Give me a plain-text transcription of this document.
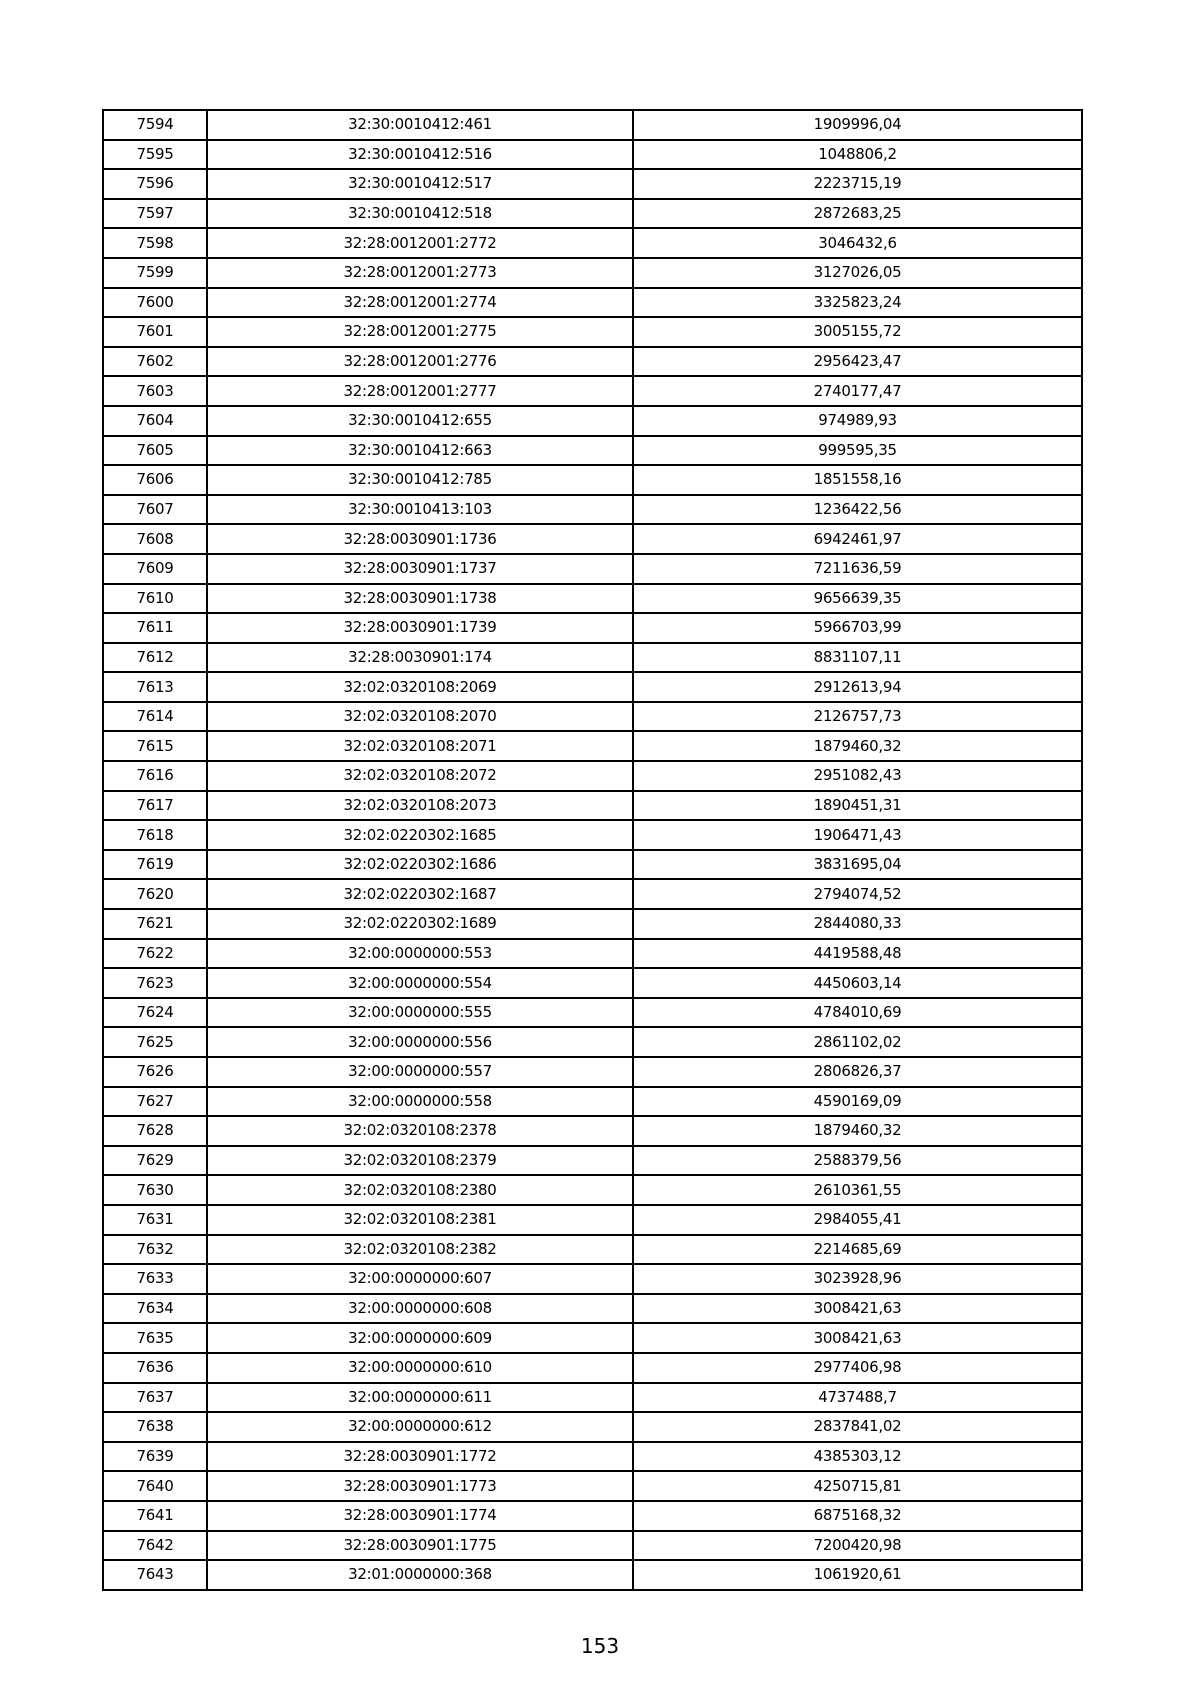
7594	32:30:0010412:461	1909996,04
7595	32:30:0010412:516	1048806,2
7596	32:30:0010412:517	2223715,19
7597	32:30:0010412:518	2872683,25
7598	32:28:0012001:2772	3046432,6
7599	32:28:0012001:2773	3127026,05
7600	32:28:0012001:2774	3325823,24
7601	32:28:0012001:2775	3005155,72
7602	32:28:0012001:2776	2956423,47
7603	32:28:0012001:2777	2740177,47
7604	32:30:0010412:655	974989,93
7605	32:30:0010412:663	999595,35
7606	32:30:0010412:785	1851558,16
7607	32:30:0010413:103	1236422,56
7608	32:28:0030901:1736	6942461,97
7609	32:28:0030901:1737	7211636,59
7610	32:28:0030901:1738	9656639,35
7611	32:28:0030901:1739	5966703,99
7612	32:28:0030901:174	8831107,11
7613	32:02:0320108:2069	2912613,94
7614	32:02:0320108:2070	2126757,73
7615	32:02:0320108:2071	1879460,32
7616	32:02:0320108:2072	2951082,43
7617	32:02:0320108:2073	1890451,31
7618	32:02:0220302:1685	1906471,43
7619	32:02:0220302:1686	3831695,04
7620	32:02:0220302:1687	2794074,52
7621	32:02:0220302:1689	2844080,33
7622	32:00:0000000:553	4419588,48
7623	32:00:0000000:554	4450603,14
7624	32:00:0000000:555	4784010,69
7625	32:00:0000000:556	2861102,02
7626	32:00:0000000:557	2806826,37
7627	32:00:0000000:558	4590169,09
7628	32:02:0320108:2378	1879460,32
7629	32:02:0320108:2379	2588379,56
7630	32:02:0320108:2380	2610361,55
7631	32:02:0320108:2381	2984055,41
7632	32:02:0320108:2382	2214685,69
7633	32:00:0000000:607	3023928,96
7634	32:00:0000000:608	3008421,63
7635	32:00:0000000:609	3008421,63
7636	32:00:0000000:610	2977406,98
7637	32:00:0000000:611	4737488,7
7638	32:00:0000000:612	2837841,02
7639	32:28:0030901:1772	4385303,12
7640	32:28:0030901:1773	4250715,81
7641	32:28:0030901:1774	6875168,32
7642	32:28:0030901:1775	7200420,98
7643	32:01:0000000:368	1061920,61
153
